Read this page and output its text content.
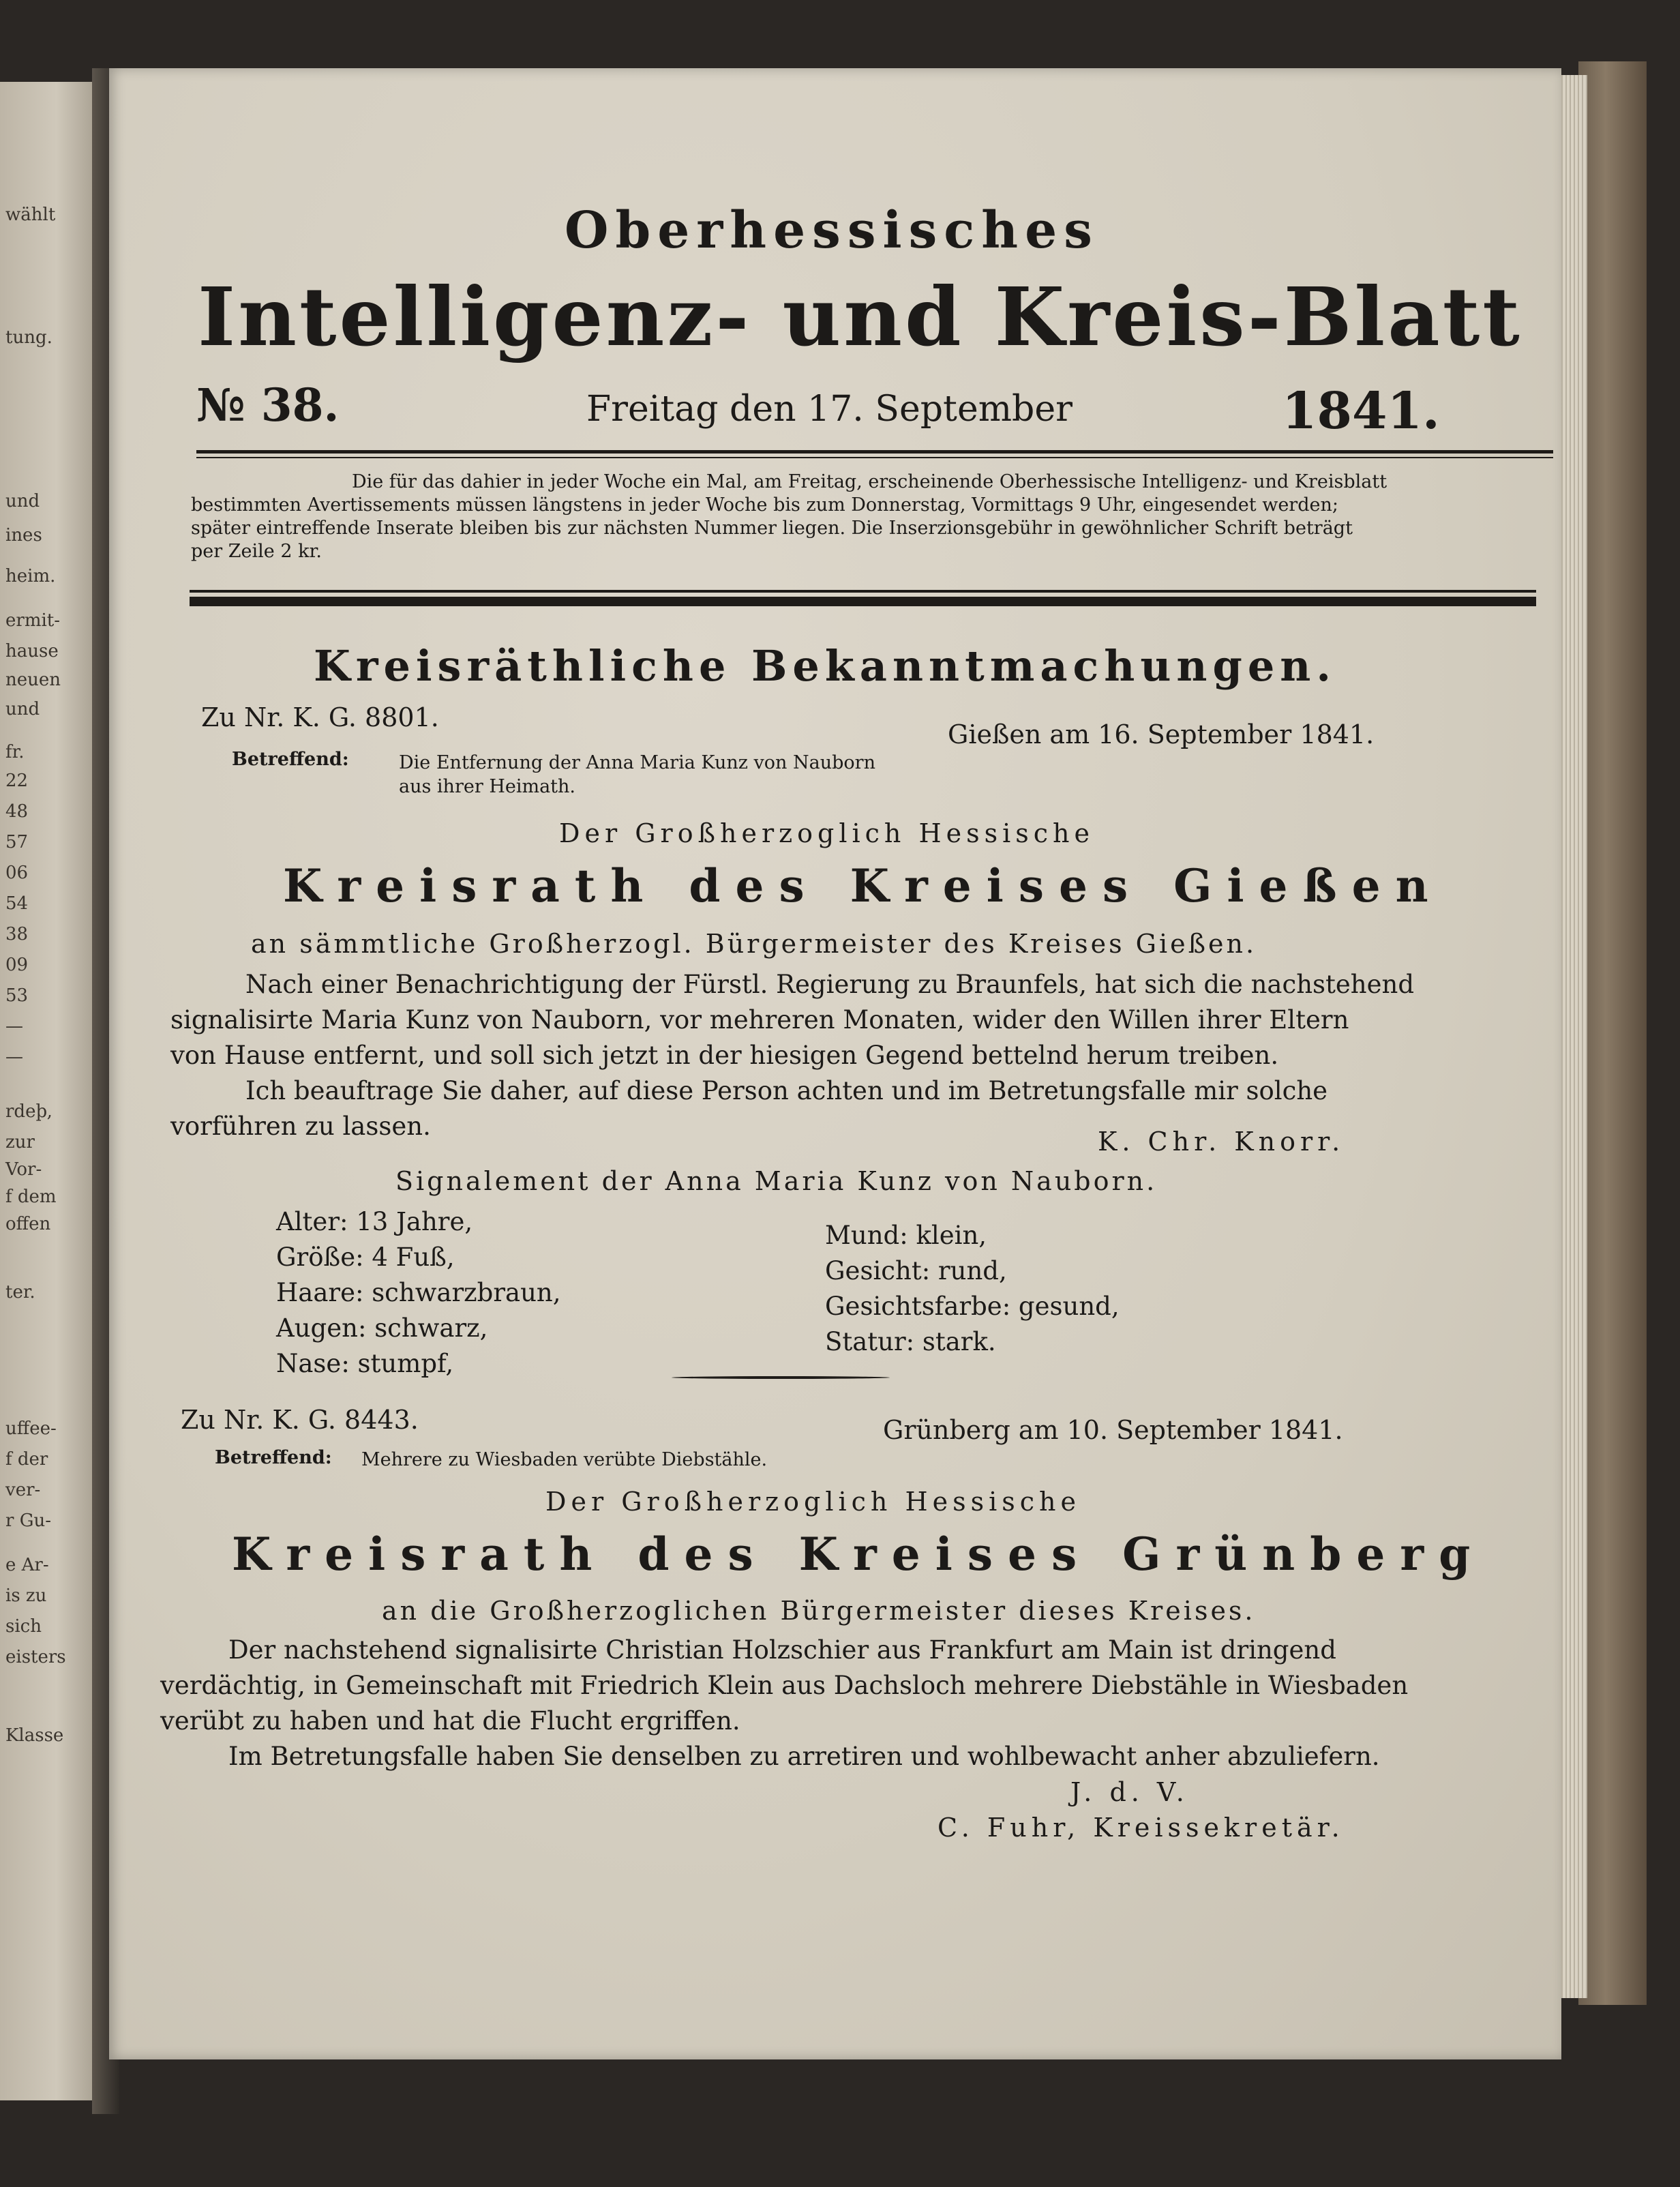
wählt
tung.
und
ines
heim.
ermit-
hause
neuen
und
fr.
22
48
57
06
54
38
09
53
—
—
rdeþ,
zur
Vor-
f dem
offen
ter.
uffee-
f der
ver-
r Gu-
e Ar-
is zu
sich
eisters
Klasse
Oberhessisches
Intelligenz- und Kreis-Blatt
№ 38.	Freitag den 17. September	1841.
Die für das dahier in jeder Woche ein Mal, am Freitag, erscheinende Oberhessische Intelligenz- und Kreisblatt
bestimmten Avertissements müssen längstens in jeder Woche bis zum Donnerstag, Vormittags 9 Uhr, eingesendet werden;
später eintreffende Inserate bleiben bis zur nächsten Nummer liegen. Die Inserzionsgebühr in gewöhnlicher Schrift beträgt
per Zeile 2 kr.
Kreisräthliche Bekanntmachungen.
Zu Nr. K. G. 8801.
Gießen am 16. September 1841.
Betreffend:	Die Entfernung der Anna Maria Kunz von Nauborn
aus ihrer Heimath.
Der Großherzoglich Hessische
Kreisrath des Kreises Gießen
an sämmtliche Großherzogl. Bürgermeister des Kreises Gießen.
Nach einer Benachrichtigung der Fürstl. Regierung zu Braunfels, hat sich die nachstehend
signalisirte Maria Kunz von Nauborn, vor mehreren Monaten, wider den Willen ihrer Eltern
von Hause entfernt, und soll sich jetzt in der hiesigen Gegend bettelnd herum treiben.
Ich beauftrage Sie daher, auf diese Person achten und im Betretungsfalle mir solche
vorführen zu lassen.
K. Chr. Knorr.
Signalement der Anna Maria Kunz von Nauborn.
Alter: 13 Jahre,
Größe: 4 Fuß,
Haare: schwarzbraun,
Augen: schwarz,
Nase: stumpf,
Mund: klein,
Gesicht: rund,
Gesichtsfarbe: gesund,
Statur: stark.
Zu Nr. K. G. 8443.	Grünberg am 10. September 1841.
Betreffend: Mehrere zu Wiesbaden verübte Diebstähle.
Der Großherzoglich Hessische
Kreisrath des Kreises Grünberg
an die Großherzoglichen Bürgermeister dieses Kreises.
Der nachstehend signalisirte Christian Holzschier aus Frankfurt am Main ist dringend
verdächtig, in Gemeinschaft mit Friedrich Klein aus Dachsloch mehrere Diebstähle in Wiesbaden
verübt zu haben und hat die Flucht ergriffen.
Im Betretungsfalle haben Sie denselben zu arretiren und wohlbewacht anher abzuliefern.
J. d. V.
C. Fuhr, Kreissekretär.
